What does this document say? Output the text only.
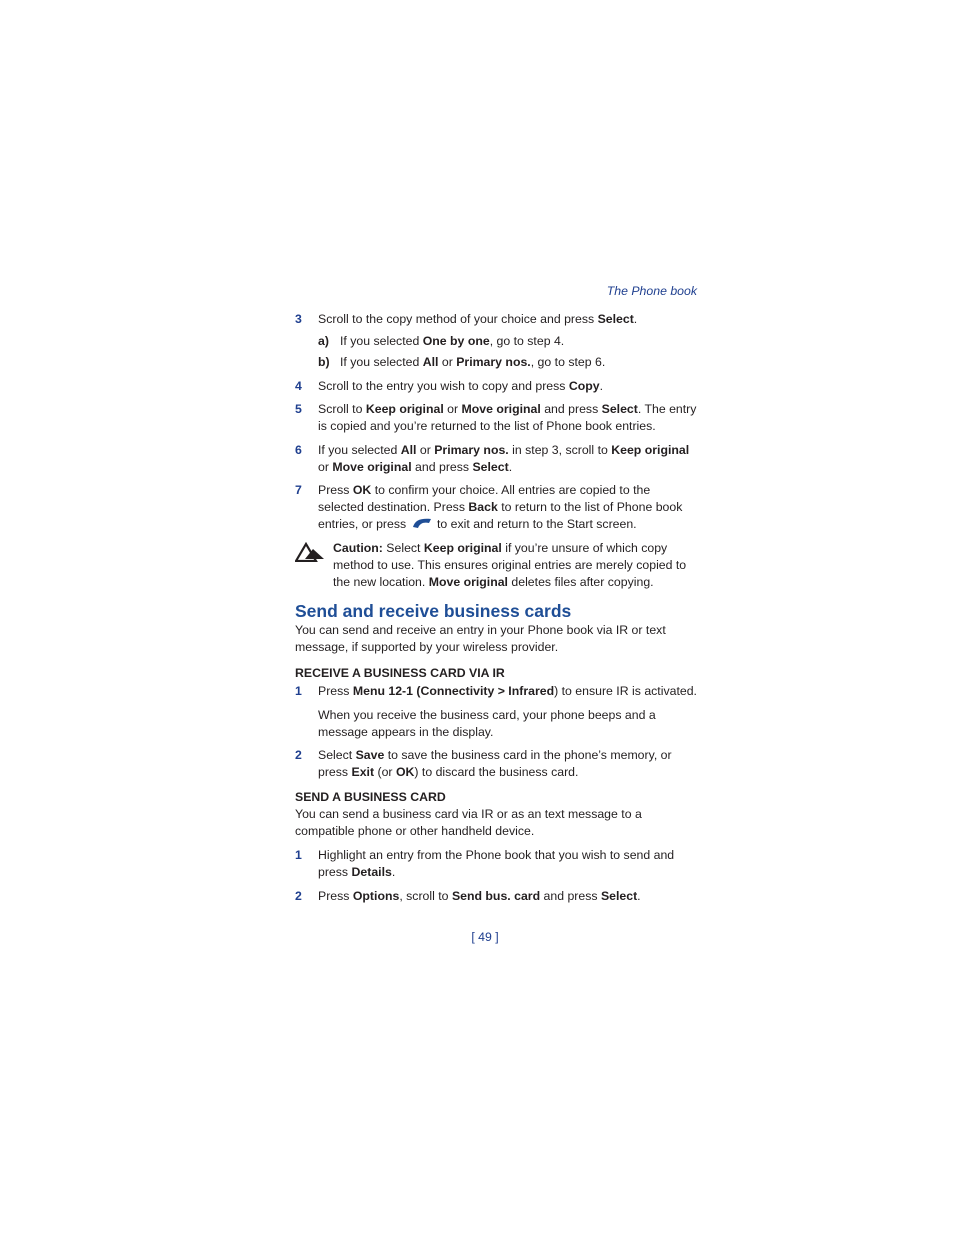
The Phone book
3	Scroll to the copy method of your choice and press Select.
a) If you selected One by one, go to step 4.
b) If you selected All or Primary nos., go to step 6.
4	Scroll to the entry you wish to copy and press Copy.
5	Scroll to Keep original or Move original and press Select. The entry is copied and you’re returned to the list of Phone book entries.
6	If you selected All or Primary nos. in step 3, scroll to Keep original or Move original and press Select.
7	Press OK to confirm your choice. All entries are copied to the selected destination. Press Back to return to the list of Phone book entries, or press  to exit and return to the Start screen.
Caution: Select Keep original if you’re unsure of which copy method to use. This ensures original entries are merely copied to the new location. Move original deletes files after copying.
Send and receive business cards
You can send and receive an entry in your Phone book via IR or text message, if supported by your wireless provider.
RECEIVE A BUSINESS CARD VIA IR
1	Press Menu 12-1 (Connectivity > Infrared) to ensure IR is activated.
When you receive the business card, your phone beeps and a message appears in the display.
2	Select Save to save the business card in the phone’s memory, or press Exit (or OK) to discard the business card.
SEND A BUSINESS CARD
You can send a business card via IR or as an text message to a compatible phone or other handheld device.
1	Highlight an entry from the Phone book that you wish to send and press Details.
2	Press Options, scroll to Send bus. card and press Select.
[ 49 ]
